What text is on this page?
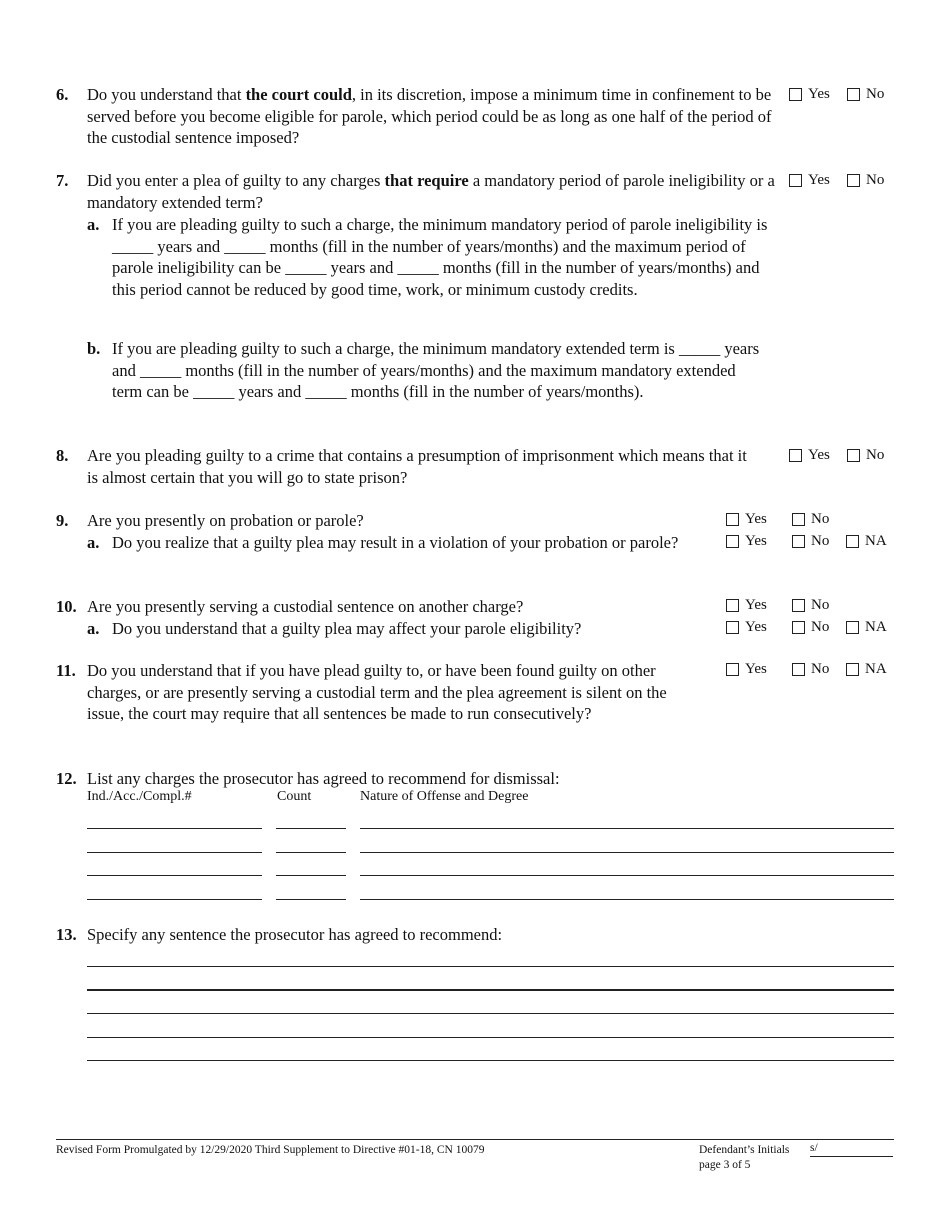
6.	Do you understand that the court could, in its discretion, impose a minimum time in confinement to be served before you become eligible for parole, which period could be as long as one half of the period of the custodial sentence imposed?
Yes No
7.	Did you enter a plea of guilty to any charges that require a mandatory period of parole ineligibility or a mandatory extended term?
Yes No
a. If you are pleading guilty to such a charge, the minimum mandatory period of parole ineligibility is _____ years and _____ months (fill in the number of years/months) and the maximum period of parole ineligibility can be _____ years and _____ months (fill in the number of years/months) and this period cannot be reduced by good time, work, or minimum custody credits.
b. If you are pleading guilty to such a charge, the minimum mandatory extended term is _____ years and _____ months (fill in the number of years/months) and the maximum mandatory extended term can be _____ years and _____ months (fill in the number of years/months).
8.	Are you pleading guilty to a crime that contains a presumption of imprisonment which means that it is almost certain that you will go to state prison?
Yes No
9.	Are you presently on probation or parole?	Yes	No
a. Do you realize that a guilty plea may result in a violation of your probation or parole?	Yes	No NA
10. Are you presently serving a custodial sentence on another charge?	Yes	No
a. Do you understand that a guilty plea may affect your parole eligibility?	Yes	No NA
11. Do you understand that if you have plead guilty to, or have been found guilty on other charges, or are presently serving a custodial term and the plea agreement is silent on the issue, the court may require that all sentences be made to run consecutively?
Yes	No NA
12. List any charges the prosecutor has agreed to recommend for dismissal:
Ind./Acc./Compl.#	Count	Nature of Offense and Degree
13. Specify any sentence the prosecutor has agreed to recommend:
Revised Form Promulgated by 12/29/2020 Third Supplement to Directive #01-18, CN 10079	Defendant’s Initials s/
page 3 of 5
